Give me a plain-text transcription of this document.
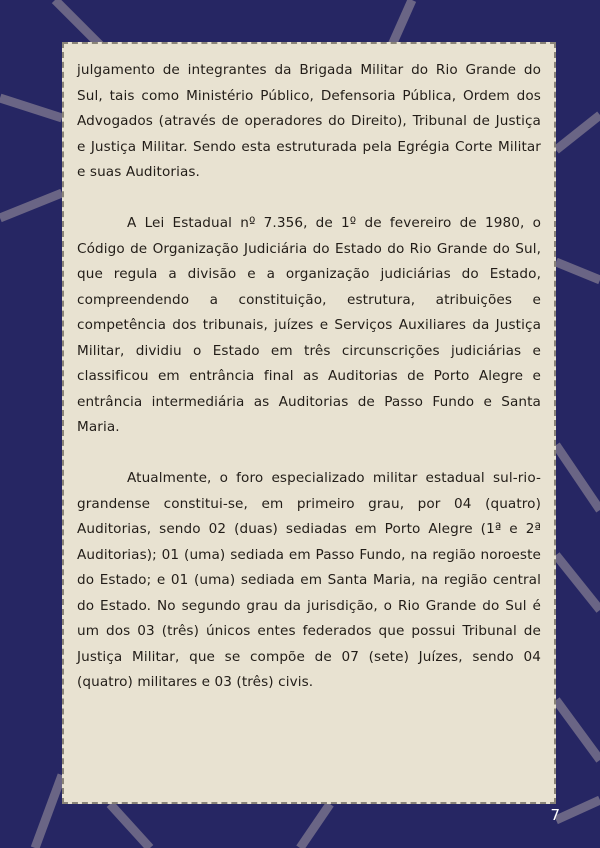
julgamento de integrantes da Brigada Militar do Rio Grande do Sul, tais como Ministério Público, Defensoria Pública, Ordem dos Advogados (através de operadores do Direito), Tribunal de Justiça e Justiça Militar. Sendo esta estruturada pela Egrégia Corte Militar e suas Auditorias.

A Lei Estadual nº 7.356, de 1º de fevereiro de 1980, o Código de Organização Judiciária do Estado do Rio Grande do Sul, que regula a divisão e a organização judiciárias do Estado, compreendendo a constituição, estrutura, atribuições e competência dos tribunais, juízes e Serviços Auxiliares da Justiça Militar, dividiu o Estado em três circunscrições judiciárias e classificou em entrância final as Auditorias de Porto Alegre e entrância intermediária as Auditorias de Passo Fundo e Santa Maria.

Atualmente, o foro especializado militar estadual sul-rio-grandense constitui-se, em primeiro grau, por 04 (quatro) Auditorias, sendo 02 (duas) sediadas em Porto Alegre (1ª e 2ª Auditorias); 01 (uma) sediada em Passo Fundo, na região noroeste do Estado; e 01 (uma) sediada em Santa Maria, na região central do Estado. No segundo grau da jurisdição, o Rio Grande do Sul é um dos 03 (três) únicos entes federados que possui Tribunal de Justiça Militar, que se compõe de 07 (sete) Juízes, sendo 04 (quatro) militares e 03 (três) civis.

7
